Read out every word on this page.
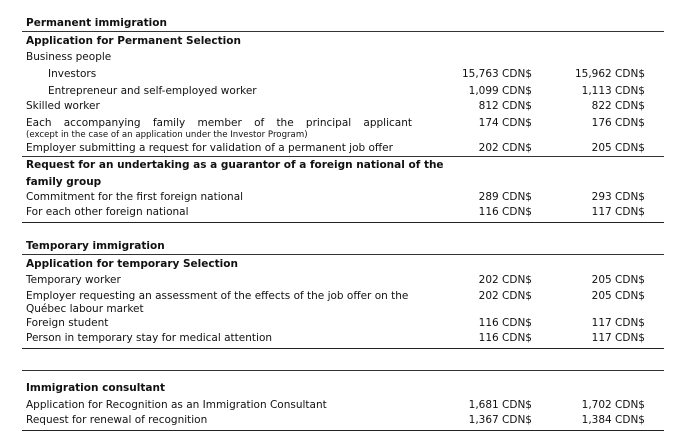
Permanent immigration
Application for Permanent Selection
Business people
Investors	15,763 CDN$	15,962 CDN$
Entrepreneur and self-employed worker	1,099 CDN$	1,113 CDN$
Skilled worker	812 CDN$	822 CDN$
Each accompanying family member of the principal applicant	174 CDN$	176 CDN$
(except in the case of an application under the Investor Program)
Employer submitting a request for validation of a permanent job offer	202 CDN$	205 CDN$
Request for an undertaking as a guarantor of a foreign national of the
family group
Commitment for the first foreign national	289 CDN$	293 CDN$
For each other foreign national	116 CDN$	117 CDN$
Temporary immigration
Application for temporary Selection
Temporary worker	202 CDN$	205 CDN$
Employer requesting an assessment of the effects of the job offer on the	202 CDN$	205 CDN$
Québec labour market
Foreign student	116 CDN$	117 CDN$
Person in temporary stay for medical attention	116 CDN$	117 CDN$
Immigration consultant
Application for Recognition as an Immigration Consultant	1,681 CDN$	1,702 CDN$
Request for renewal of recognition	1,367 CDN$	1,384 CDN$
